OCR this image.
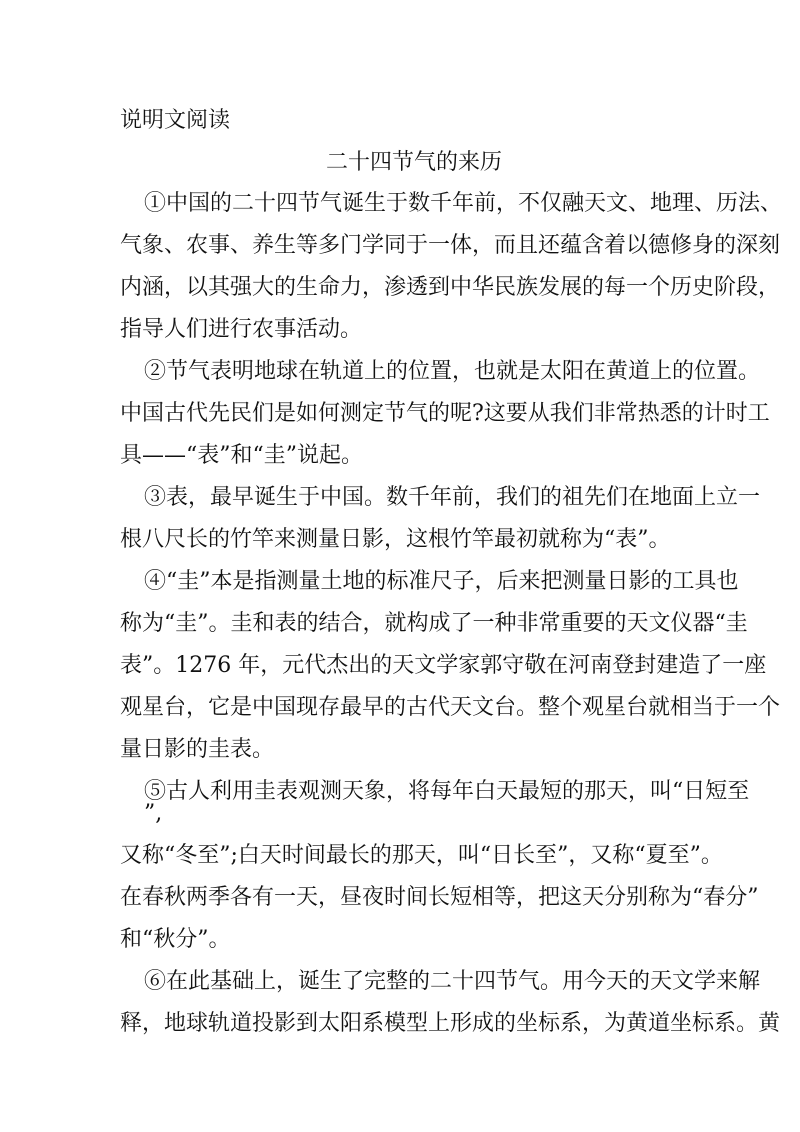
说明文阅读
二十四节气的来历
①中国的二十四节气诞生于数千年前，不仅融天文、地理、历法、
气象、农事、养生等多门学同于一体，而且还蕴含着以德修身的深刻
内涵，以其强大的生命力，渗透到中华民族发展的每一个历史阶段，
指导人们进行农事活动。
②节气表明地球在轨道上的位置，也就是太阳在黄道上的位置。
中国古代先民们是如何测定节气的呢?这要从我们非常热悉的计时工
具——“表”和“圭”说起。
③表，最早诞生于中国。数千年前，我们的祖先们在地面上立一
根八尺长的竹竿来测量日影，这根竹竿最初就称为“表”。
④“圭”本是指测量土地的标准尺子，后来把测量日影的工具也
称为“圭”。圭和表的结合，就构成了一种非常重要的天文仪器“圭
表”。1276 年，元代杰出的天文学家郭守敬在河南登封建造了一座
观星台，它是中国现存最早的古代天文台。整个观星台就相当于一个
量日影的圭表。
⑤古人利用圭表观测天象，将每年白天最短的那天，叫“日短至
”,
又称“冬至”;白天时间最长的那天，叫“日长至”，又称“夏至”。
在春秋两季各有一天，昼夜时间长短相等，把这天分别称为“春分”
和“秋分”。
⑥在此基础上，诞生了完整的二十四节气。用今天的天文学来解
释，地球轨道投影到太阳系模型上形成的坐标系，为黄道坐标系。黄
